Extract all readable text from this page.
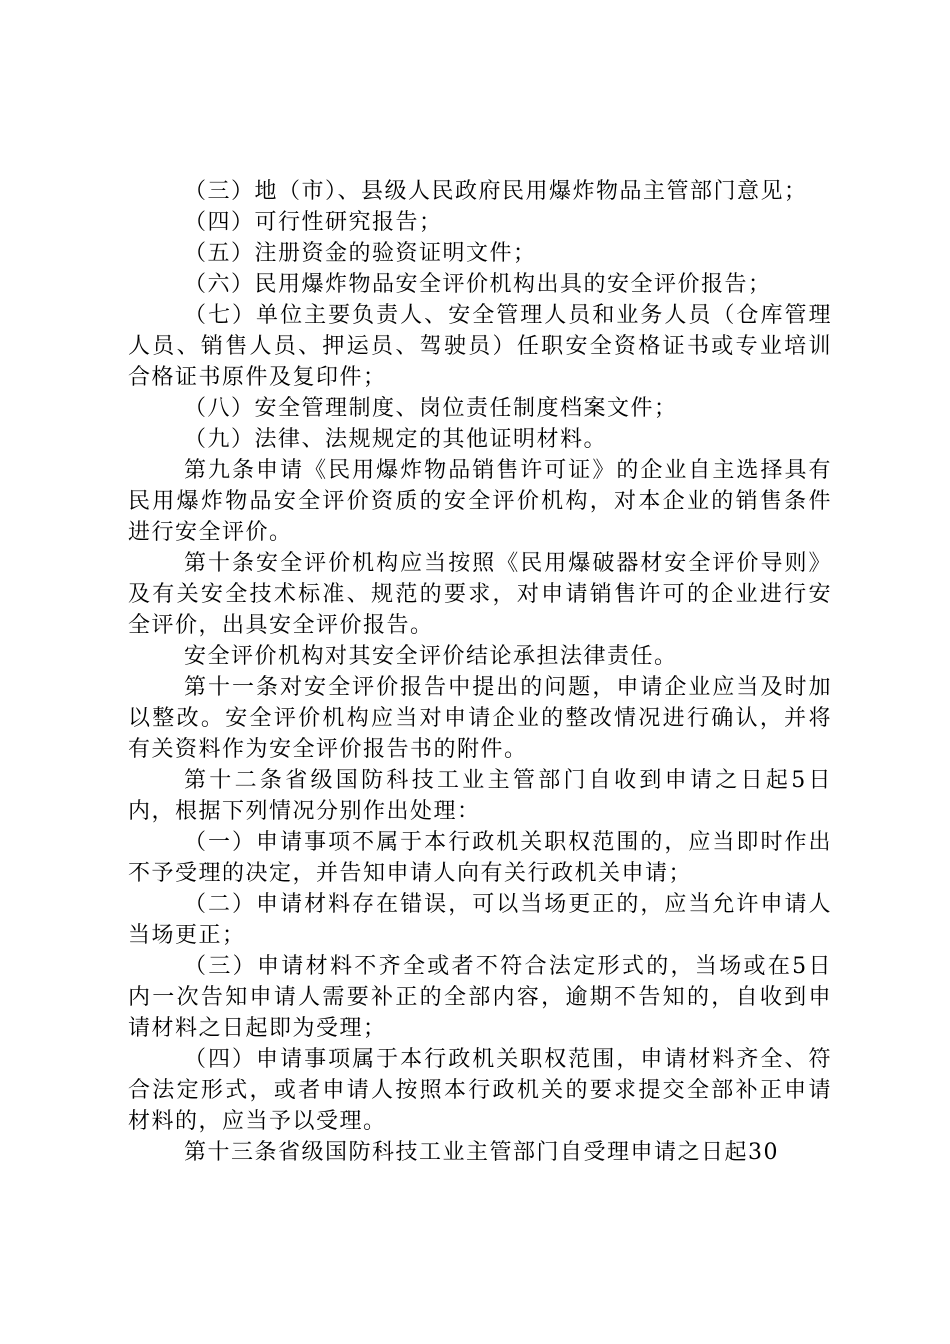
（三）地（市）、县级人民政府民用爆炸物品主管部门意见；

（四）可行性研究报告；

（五）注册资金的验资证明文件；

（六）民用爆炸物品安全评价机构出具的安全评价报告；

（七）单位主要负责人、安全管理人员和业务人员（仓库管理人员、销售人员、押运员、驾驶员）任职安全资格证书或专业培训合格证书原件及复印件；

（八）安全管理制度、岗位责任制度档案文件；

（九）法律、法规规定的其他证明材料。

第九条申请《民用爆炸物品销售许可证》的企业自主选择具有民用爆炸物品安全评价资质的安全评价机构，对本企业的销售条件进行安全评价。

第十条安全评价机构应当按照《民用爆破器材安全评价导则》及有关安全技术标准、规范的要求，对申请销售许可的企业进行安全评价，出具安全评价报告。

安全评价机构对其安全评价结论承担法律责任。

第十一条对安全评价报告中提出的问题，申请企业应当及时加以整改。安全评价机构应当对申请企业的整改情况进行确认，并将有关资料作为安全评价报告书的附件。

第十二条省级国防科技工业主管部门自收到申请之日起5日内，根据下列情况分别作出处理：

（一）申请事项不属于本行政机关职权范围的，应当即时作出不予受理的决定，并告知申请人向有关行政机关申请；

（二）申请材料存在错误，可以当场更正的，应当允许申请人当场更正；

（三）申请材料不齐全或者不符合法定形式的，当场或在5日内一次告知申请人需要补正的全部内容，逾期不告知的，自收到申请材料之日起即为受理；

（四）申请事项属于本行政机关职权范围，申请材料齐全、符合法定形式，或者申请人按照本行政机关的要求提交全部补正申请材料的，应当予以受理。

第十三条省级国防科技工业主管部门自受理申请之日起30
